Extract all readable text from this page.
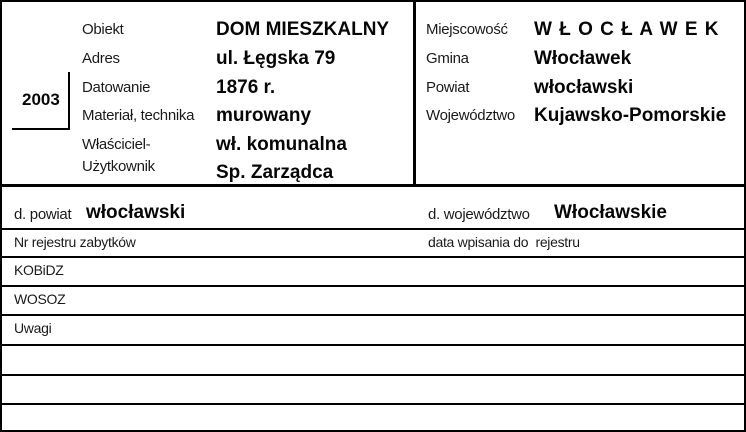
2003
Obiekt
Adres
Datowanie
Materiał, technika
Właściciel-
Użytkownik
DOM MIESZKALNY
ul. Łęgska 79
1876 r.
murowany
wł. komunalna
Sp. Zarządca
Miejscowość
Gmina
Powiat
Województwo
W Ł O C Ł A W E K
Włocławek
włocławski
Kujawsko-Pomorskie
d. powiat włocławski	d. województwo Włocławskie
Nr rejestru zabytków	data wpisania do  rejestru
KOBiDZ
WOSOZ
Uwagi
